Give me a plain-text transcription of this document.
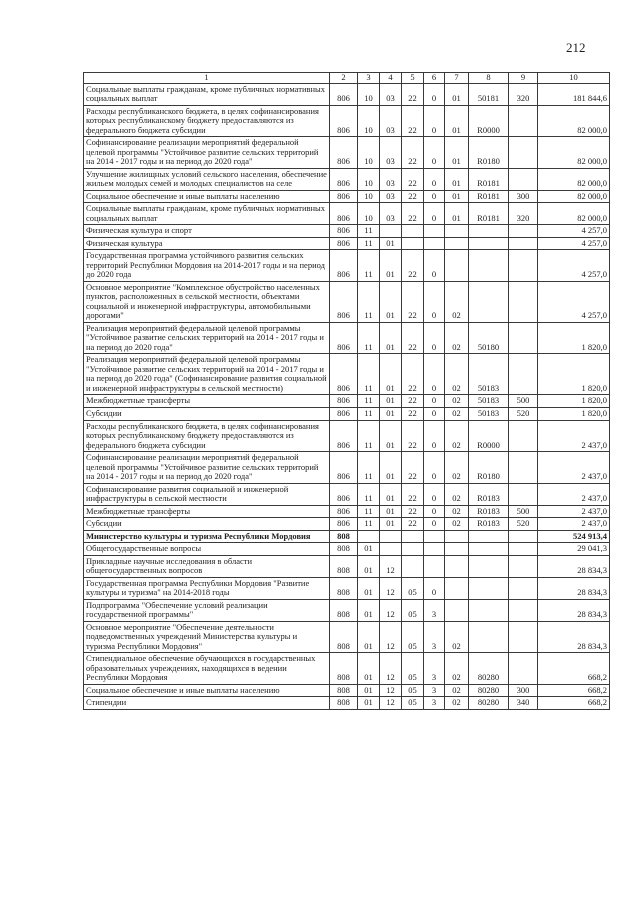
212
1	2	3	4	5	6	7	8	9	10
Социальные выплаты гражданам, кроме публичных нормативных социальных выплат	806	10	03	22	0	01	50181	320	181 844,6
Расходы республиканского бюджета, в целях софинансирования которых республиканскому бюджету предоставляются из федерального бюджета субсидии	806	10	03	22	0	01	R0000		82 000,0
Софинансирование реализации мероприятий федеральной целевой программы "Устойчивое развитие сельских территорий на 2014 - 2017 годы и на период до 2020 года"	806	10	03	22	0	01	R0180		82 000,0
Улучшение жилищных условий сельского населения, обеспечение жильем молодых семей и молодых специалистов на селе	806	10	03	22	0	01	R0181		82 000,0
Социальное обеспечение и иные выплаты населению	806	10	03	22	0	01	R0181	300	82 000,0
Социальные выплаты гражданам, кроме публичных нормативных социальных выплат	806	10	03	22	0	01	R0181	320	82 000,0
Физическая культура и спорт	806	11							4 257,0
Физическая культура	806	11	01						4 257,0
Государственная программа устойчивого развития сельских территорий Республики Мордовия на 2014-2017 годы и на период до 2020 года	806	11	01	22	0				4 257,0
Основное мероприятие "Комплексное обустройство населенных пунктов, расположенных в сельской местности, объектами социальной и инженерной инфраструктуры, автомобильными дорогами"	806	11	01	22	0	02			4 257,0
Реализация мероприятий федеральной целевой программы "Устойчивое развитие сельских территорий на 2014 - 2017 годы и на период до 2020 года"	806	11	01	22	0	02	50180		1 820,0
Реализация мероприятий федеральной целевой программы "Устойчивое развитие сельских территорий на 2014 - 2017 годы и на период до 2020 года" (Софинансирование развития социальной и инженерной инфраструктуры в сельской местности)	806	11	01	22	0	02	50183		1 820,0
Межбюджетные трансферты	806	11	01	22	0	02	50183	500	1 820,0
Субсидии	806	11	01	22	0	02	50183	520	1 820,0
Расходы республиканского бюджета, в целях софинансирования которых республиканскому бюджету предоставляются из федерального бюджета субсидии	806	11	01	22	0	02	R0000		2 437,0
Софинансирование реализации мероприятий федеральной целевой программы "Устойчивое развитие сельских территорий на 2014 - 2017 годы и на период до 2020 года"	806	11	01	22	0	02	R0180		2 437,0
Софинансирование развития социальной и инженерной инфраструктуры в сельской местности	806	11	01	22	0	02	R0183		2 437,0
Межбюджетные трансферты	806	11	01	22	0	02	R0183	500	2 437,0
Субсидии	806	11	01	22	0	02	R0183	520	2 437,0
Министерство культуры и туризма Республики Мордовия	808								524 913,4
Общегосударственные вопросы	808	01							29 041,3
Прикладные научные исследования в области общегосударственных вопросов	808	01	12						28 834,3
Государственная программа Республики Мордовия "Развитие культуры и туризма" на 2014-2018 годы	808	01	12	05	0				28 834,3
Подпрограмма "Обеспечение условий реализации государственной программы"	808	01	12	05	3				28 834,3
Основное мероприятие "Обеспечение деятельности подведомственных учреждений Министерства культуры и туризма Республики Мордовия"	808	01	12	05	3	02			28 834,3
Стипендиальное обеспечение обучающихся в государственных образовательных учреждениях, находящихся в ведении Республики Мордовия	808	01	12	05	3	02	80280		668,2
Социальное обеспечение и иные выплаты населению	808	01	12	05	3	02	80280	300	668,2
Стипендии	808	01	12	05	3	02	80280	340	668,2
